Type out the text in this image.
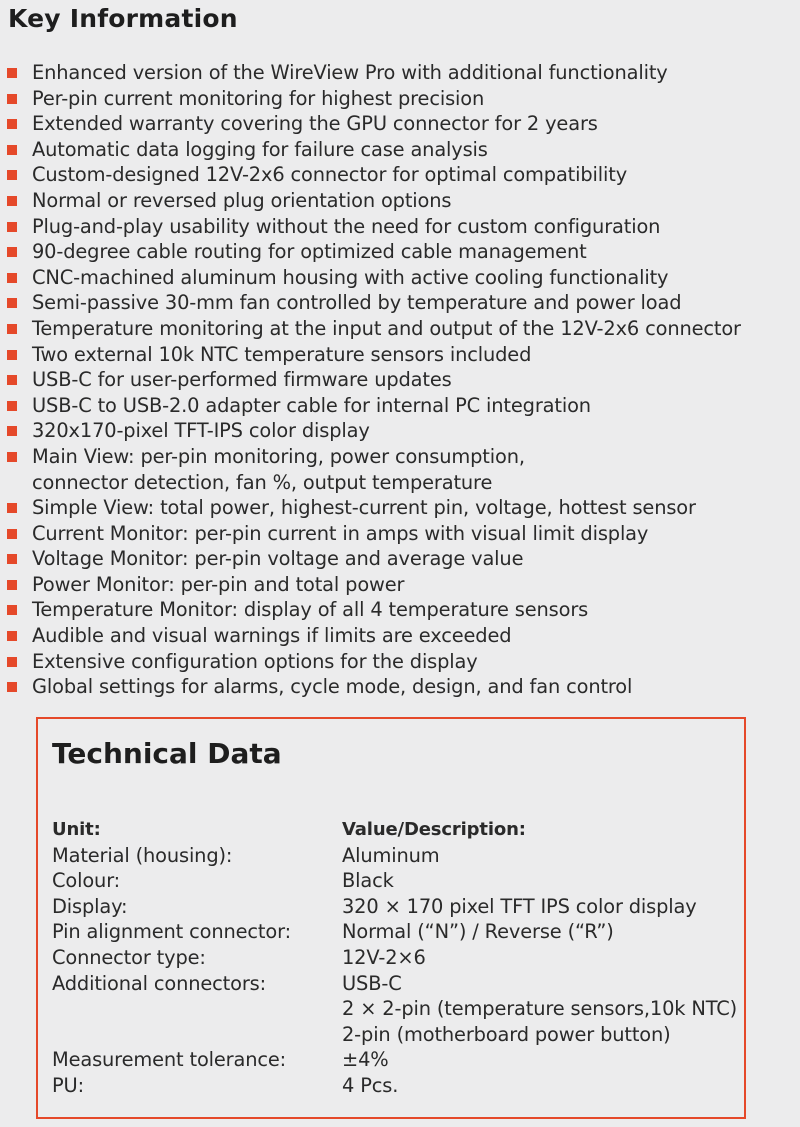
Key Information
Enhanced version of the WireView Pro with additional functionality
Per-pin current monitoring for highest precision
Extended warranty covering the GPU connector for 2 years
Automatic data logging for failure case analysis
Custom-designed 12V-2x6 connector for optimal compatibility
Normal or reversed plug orientation options
Plug-and-play usability without the need for custom configuration
90-degree cable routing for optimized cable management
CNC-machined aluminum housing with active cooling functionality
Semi-passive 30-mm fan controlled by temperature and power load
Temperature monitoring at the input and output of the 12V-2x6 connector
Two external 10k NTC temperature sensors included
USB-C for user-performed firmware updates
USB-C to USB-2.0 adapter cable for internal PC integration
320x170-pixel TFT-IPS color display
Main View: per-pin monitoring, power consumption,
connector detection, fan %, output temperature
Simple View: total power, highest-current pin, voltage, hottest sensor
Current Monitor: per-pin current in amps with visual limit display
Voltage Monitor: per-pin voltage and average value
Power Monitor: per-pin and total power
Temperature Monitor: display of all 4 temperature sensors
Audible and visual warnings if limits are exceeded
Extensive configuration options for the display
Global settings for alarms, cycle mode, design, and fan control
Technical Data
Unit:	Value/Description:
Material (housing):	Aluminum
Colour:	Black
Display:	320 × 170 pixel TFT IPS color display
Pin alignment connector:	Normal (“N”) / Reverse (“R”)
Connector type:	12V-2×6
Additional connectors:	USB-C
2 × 2-pin (temperature sensors,10k NTC)
2-pin (motherboard power button)
Measurement tolerance:	±4%
PU:	4 Pcs.
